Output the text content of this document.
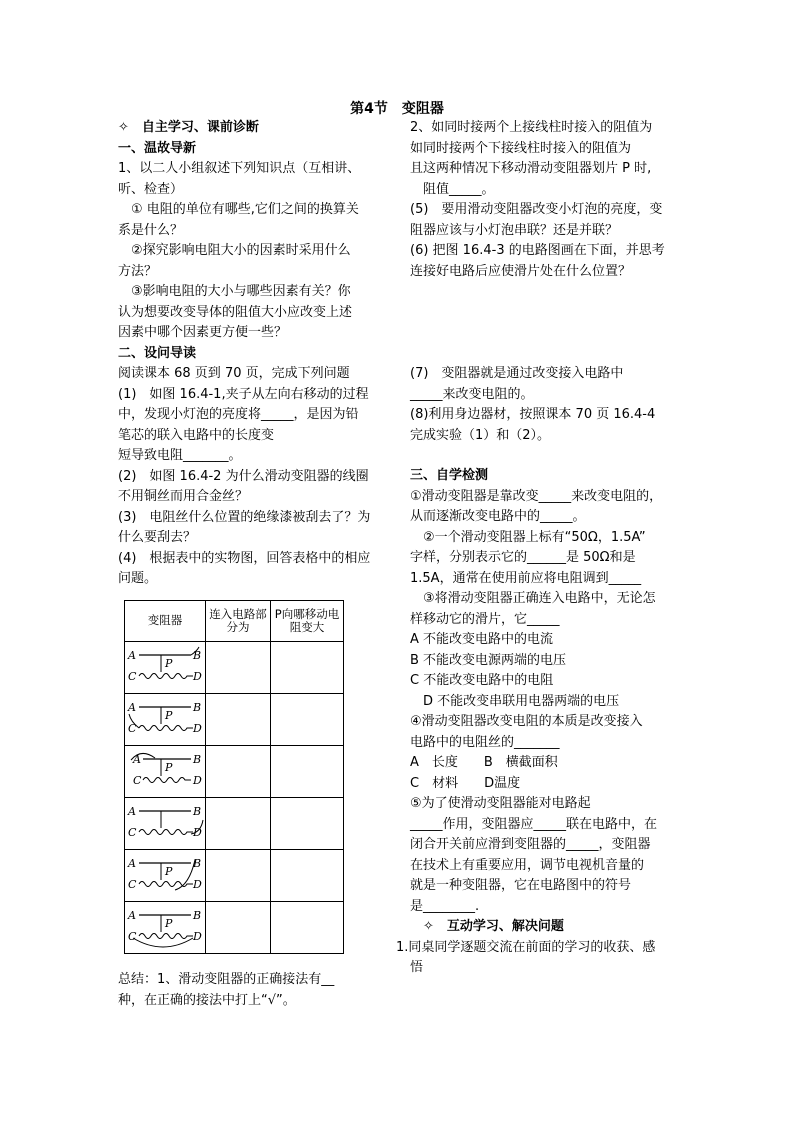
第4节　变阻器

✧　自主学习、课前诊断

一、温故导新

1、以二人小组叙述下列知识点（互相讲、

听、检查）

① 电阻的单位有哪些,它们之间的换算关

系是什么？

②探究影响电阻大小的因素时采用什么

方法？

③影响电阻的大小与哪些因素有关？你

认为想要改变导体的阻值大小应改变上述

因素中哪个因素更方便一些？

二、设问导读

阅读课本 68 页到 70 页，完成下列问题

(1)　如图 16.4-1,夹子从左向右移动的过程

中，发现小灯泡的亮度将_____，是因为铅

笔芯的联入电路中的长度变

短导致电阻_______。

(2)　如图 16.4-2 为什么滑动变阻器的线圈

不用铜丝而用合金丝？

(3)　电阻丝什么位置的绝缘漆被刮去了？为

什么要刮去？

(4)　根据表中的实物图，回答表格中的相应

问题。

变阻器	连入电路部分为	P向哪移动电阻变大

A B
C D
P		

A B
C D
P		

A B
C D
P		

A B
C D		

A B
C D
P		

A B
C D
P		

总结：1、滑动变阻器的正确接法有__

种，在正确的接法中打上“√”。

2、如同时接两个上接线柱时接入的阻值为

如同时接两个下接线柱时接入的阻值为

且这两种情况下移动滑动变阻器划片 P 时,

阻值_____。

(5)　要用滑动变阻器改变小灯泡的亮度，变

阻器应该与小灯泡串联？还是并联？

(6) 把图 16.4-3 的电路图画在下面，并思考

连接好电路后应使滑片处在什么位置？

(7)　变阻器就是通过改变接入电路中

_____来改变电阻的。

(8)利用身边器材，按照课本 70 页 16.4-4

完成实验（1）和（2）。

三、自学检测

①滑动变阻器是靠改变_____来改变电阻的，

从而逐渐改变电路中的_____。

②一个滑动变阻器上标有“50Ω，1.5A”

字样，分别表示它的______是 50Ω和是

1.5A，通常在使用前应将电阻调到_____

③将滑动变阻器正确连入电路中，无论怎

样移动它的滑片，它_____

A 不能改变电路中的电流

B 不能改变电源两端的电压

C 不能改变电路中的电阻

D 不能改变串联用电器两端的电压

④滑动变阻器改变电阻的本质是改变接入

电路中的电阻丝的_______

A　长度　　B　横截面积

C　材料　　D温度

⑤为了使滑动变阻器能对电路起

_____作用，变阻器应_____联在电路中，在

闭合开关前应滑到变阻器的_____，变阻器

在技术上有重要应用，调节电视机音量的

就是一种变阻器，它在电路图中的符号

是________.

✧　互动学习、解决问题

1.同桌同学逐题交流在前面的学习的收获、感

悟
